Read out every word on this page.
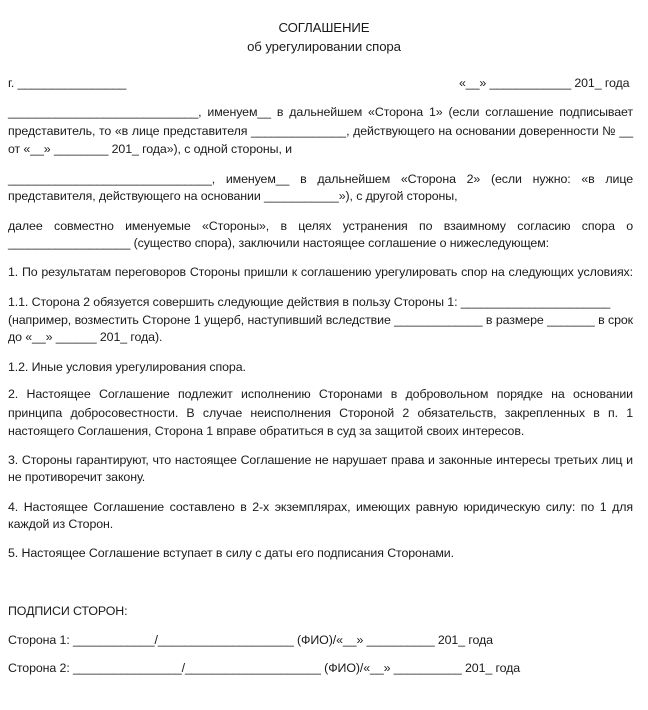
СОГЛАШЕНИЕ
об урегулировании спора
г. ________________	«__» ____________ 201_ года
____________________________, именуем__ в дальнейшем «Сторона 1» (если соглашение подписывает
представитель, то «в лице представителя ______________, действующего на основании доверенности № __
от «__» ________ 201_ года»), с одной стороны, и
______________________________, именуем__ в дальнейшем «Сторона 2» (если нужно: «в лице
представителя, действующего на основании ___________»), с другой стороны,
далее совместно именуемые «Стороны», в целях устранения по взаимному согласию спора о
__________________ (существо спора), заключили настоящее соглашение о нижеследующем:
1. По результатам переговоров Стороны пришли к соглашению урегулировать спор на следующих условиях:
1.1. Сторона 2 обязуется совершить следующие действия в пользу Стороны 1: ______________________
(например, возместить Стороне 1 ущерб, наступивший вследствие _____________ в размере _______ в срок
до «__» ______ 201_ года).
1.2. Иные условия урегулирования спора.
2. Настоящее Соглашение подлежит исполнению Сторонами в добровольном порядке на основании
принципа добросовестности. В случае неисполнения Стороной 2 обязательств, закрепленных в п. 1
настоящего Соглашения, Сторона 1 вправе обратиться в суд за защитой своих интересов.
3. Стороны гарантируют, что настоящее Соглашение не нарушает права и законные интересы третьих лиц и
не противоречит закону.
4. Настоящее Соглашение составлено в 2-х экземплярах, имеющих равную юридическую силу: по 1 для
каждой из Сторон.
5. Настоящее Соглашение вступает в силу с даты его подписания Сторонами.
ПОДПИСИ СТОРОН:
Сторона 1: ____________/____________________ (ФИО)/«__» __________ 201_ года
Сторона 2: ________________/____________________ (ФИО)/«__» __________ 201_ года
